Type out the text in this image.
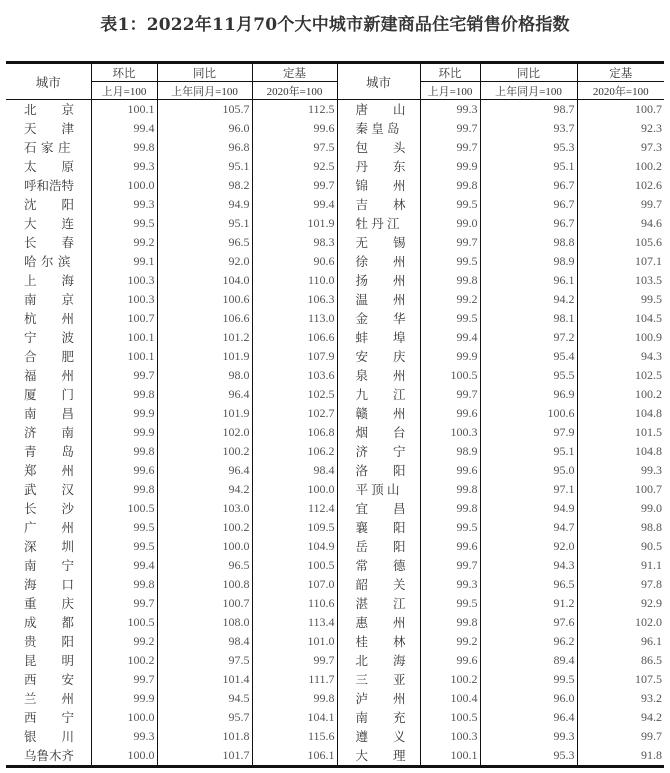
表1：2022年11月70个大中城市新建商品住宅销售价格指数
城市	环比	同比	定基	城市	环比	同比	定基
	上月=100	上年同月=100	2020年=100		上月=100	上年同月=100	2020年=100
北　　京	100.1	105.7	112.5	唐　　山	99.3	98.7	100.7
天　　津	99.4	96.0	99.6	秦皇岛	99.7	93.7	92.3
石家庄	99.8	96.8	97.5	包　　头	99.7	95.3	97.3
太　　原	99.3	95.1	92.5	丹　　东	99.9	95.1	100.2
呼和浩特	100.0	98.2	99.7	锦　　州	99.8	96.7	102.6
沈　　阳	99.3	94.9	99.4	吉　　林	99.5	96.7	99.7
大　　连	99.5	95.1	101.9	牡丹江	99.0	96.7	94.6
长　　春	99.2	96.5	98.3	无　　锡	99.7	98.8	105.6
哈尔滨	99.1	92.0	90.6	徐　　州	99.5	98.9	107.1
上　　海	100.3	104.0	110.0	扬　　州	99.8	96.1	103.5
南　　京	100.3	100.6	106.3	温　　州	99.2	94.2	99.5
杭　　州	100.7	106.6	113.0	金　　华	99.5	98.1	104.5
宁　　波	100.1	101.2	106.6	蚌　　埠	99.4	97.2	100.9
合　　肥	100.1	101.9	107.9	安　　庆	99.9	95.4	94.3
福　　州	99.7	98.0	103.6	泉　　州	100.5	95.5	102.5
厦　　门	99.8	96.4	102.5	九　　江	99.7	96.9	100.2
南　　昌	99.9	101.9	102.7	赣　　州	99.6	100.6	104.8
济　　南	99.9	102.0	106.8	烟　　台	100.3	97.9	101.5
青　　岛	99.8	100.2	106.2	济　　宁	98.9	95.1	104.8
郑　　州	99.6	96.4	98.4	洛　　阳	99.6	95.0	99.3
武　　汉	99.8	94.2	100.0	平顶山	99.8	97.1	100.7
长　　沙	100.5	103.0	112.4	宜　　昌	99.8	94.9	99.0
广　　州	99.5	100.2	109.5	襄　　阳	99.5	94.7	98.8
深　　圳	99.5	100.0	104.9	岳　　阳	99.6	92.0	90.5
南　　宁	99.4	96.5	100.5	常　　德	99.7	94.3	91.1
海　　口	99.8	100.8	107.0	韶　　关	99.3	96.5	97.8
重　　庆	99.7	100.7	110.6	湛　　江	99.5	91.2	92.9
成　　都	100.5	108.0	113.4	惠　　州	99.8	97.6	102.0
贵　　阳	99.2	98.4	101.0	桂　　林	99.2	96.2	96.1
昆　　明	100.2	97.5	99.7	北　　海	99.6	89.4	86.5
西　　安	99.7	101.4	111.7	三　　亚	100.2	99.5	107.5
兰　　州	99.9	94.5	99.8	泸　　州	100.4	96.0	93.2
西　　宁	100.0	95.7	104.1	南　　充	100.5	96.4	94.2
银　　川	99.3	101.8	115.6	遵　　义	100.3	99.3	99.7
乌鲁木齐	100.0	101.7	106.1	大　　理	100.1	95.3	91.8
